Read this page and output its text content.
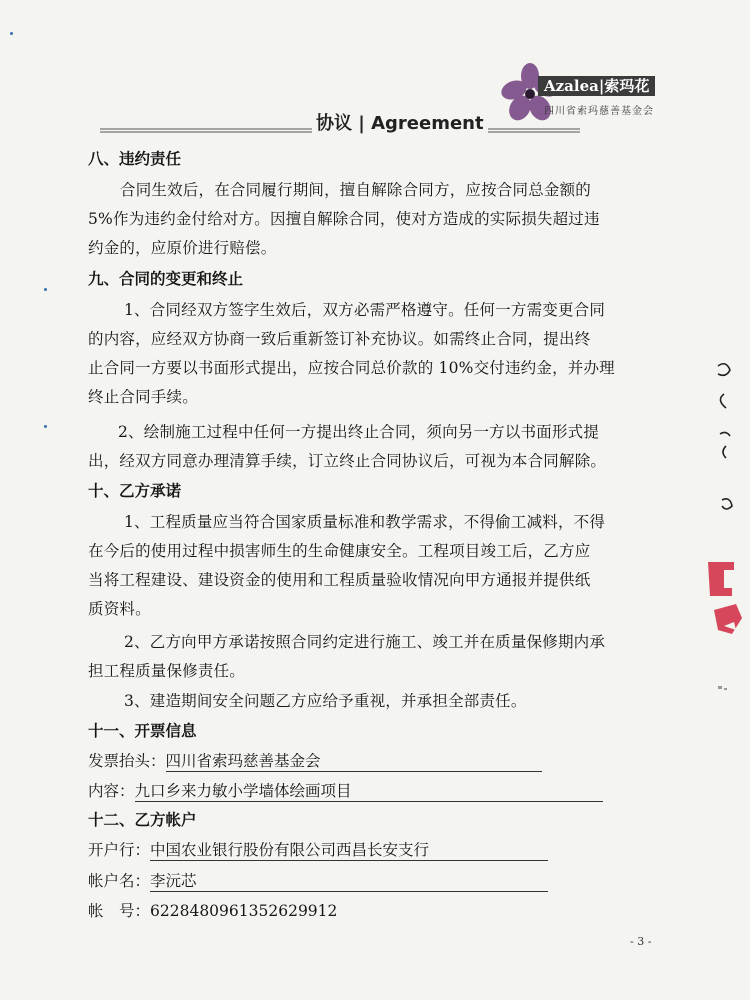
Azalea|索玛花
四川省索玛慈善基金会
协议 | Agreement
八、违约责任
合同生效后，在合同履行期间，擅自解除合同方，应按合同总金额的
5%作为违约金付给对方。因擅自解除合同，使对方造成的实际损失超过违
约金的，应原价进行赔偿。
九、合同的变更和终止
1、合同经双方签字生效后，双方必需严格遵守。任何一方需变更合同
的内容，应经双方协商一致后重新签订补充协议。如需终止合同，提出终
止合同一方要以书面形式提出，应按合同总价款的 10%交付违约金，并办理
终止合同手续。
2、绘制施工过程中任何一方提出终止合同，须向另一方以书面形式提
出，经双方同意办理清算手续，订立终止合同协议后，可视为本合同解除。
十、乙方承诺
1、工程质量应当符合国家质量标准和教学需求，不得偷工减料，不得
在今后的使用过程中损害师生的生命健康安全。工程项目竣工后，乙方应
当将工程建设、建设资金的使用和工程质量验收情况向甲方通报并提供纸
质资料。
2、乙方向甲方承诺按照合同约定进行施工、竣工并在质量保修期内承
担工程质量保修责任。
3、建造期间安全问题乙方应给予重视，并承担全部责任。
十一、开票信息
发票抬头：四川省索玛慈善基金会
内容：九口乡来力敏小学墙体绘画项目
十二、乙方帐户
开户行：中国农业银行股份有限公司西昌长安支行
帐户名：李沅芯
帐　号：6228480961352629912
- 3 -
